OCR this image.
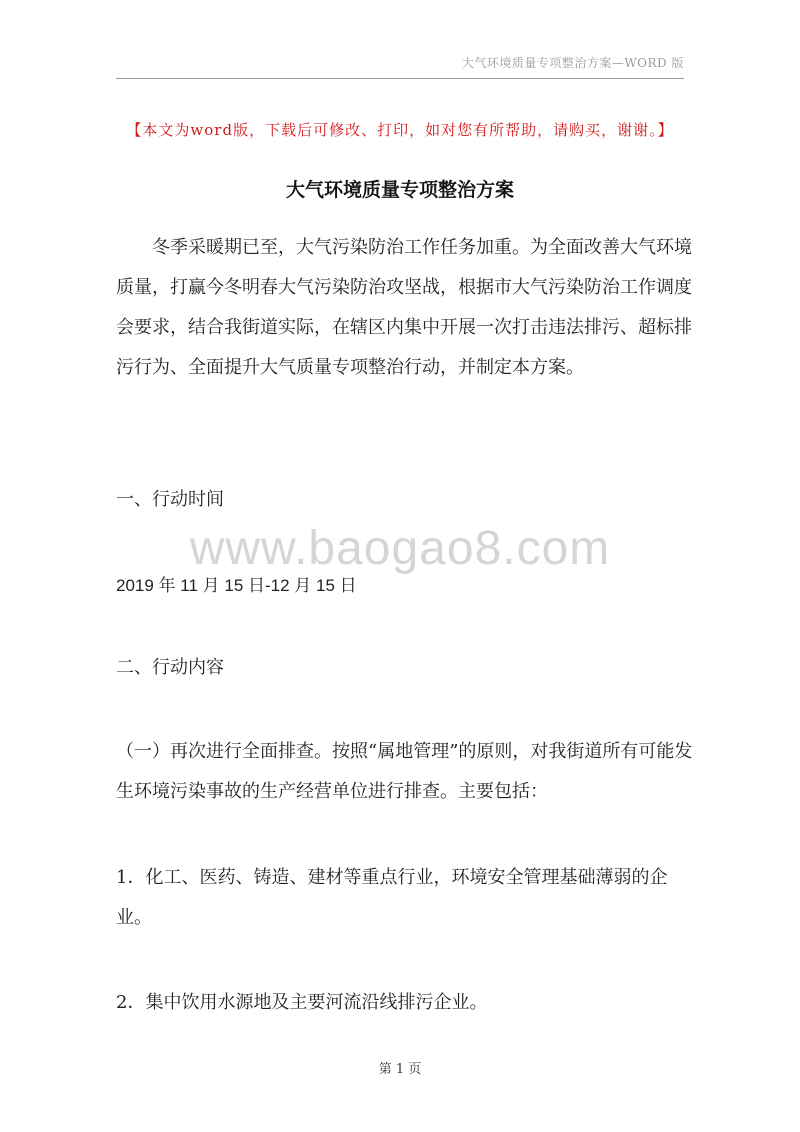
大气环境质量专项整治方案—WORD 版
【本文为word版，下载后可修改、打印，如对您有所帮助，请购买，谢谢。】
大气环境质量专项整治方案

冬季采暖期已至，大气污染防治工作任务加重。为全面改善大气环境质量，打赢今冬明春大气污染防治攻坚战，根据市大气污染防治工作调度会要求，结合我街道实际，在辖区内集中开展一次打击违法排污、超标排污行为、全面提升大气质量专项整治行动，并制定本方案。

一、行动时间

www.baogao8.com

2019 年 11 月 15 日-12 月 15 日

二、行动内容

（一）再次进行全面排查。按照“属地管理”的原则，对我街道所有可能发生环境污染事故的生产经营单位进行排查。主要包括：

1．化工、医药、铸造、建材等重点行业，环境安全管理基础薄弱的企业。

2．集中饮用水源地及主要河流沿线排污企业。

第 1 页
